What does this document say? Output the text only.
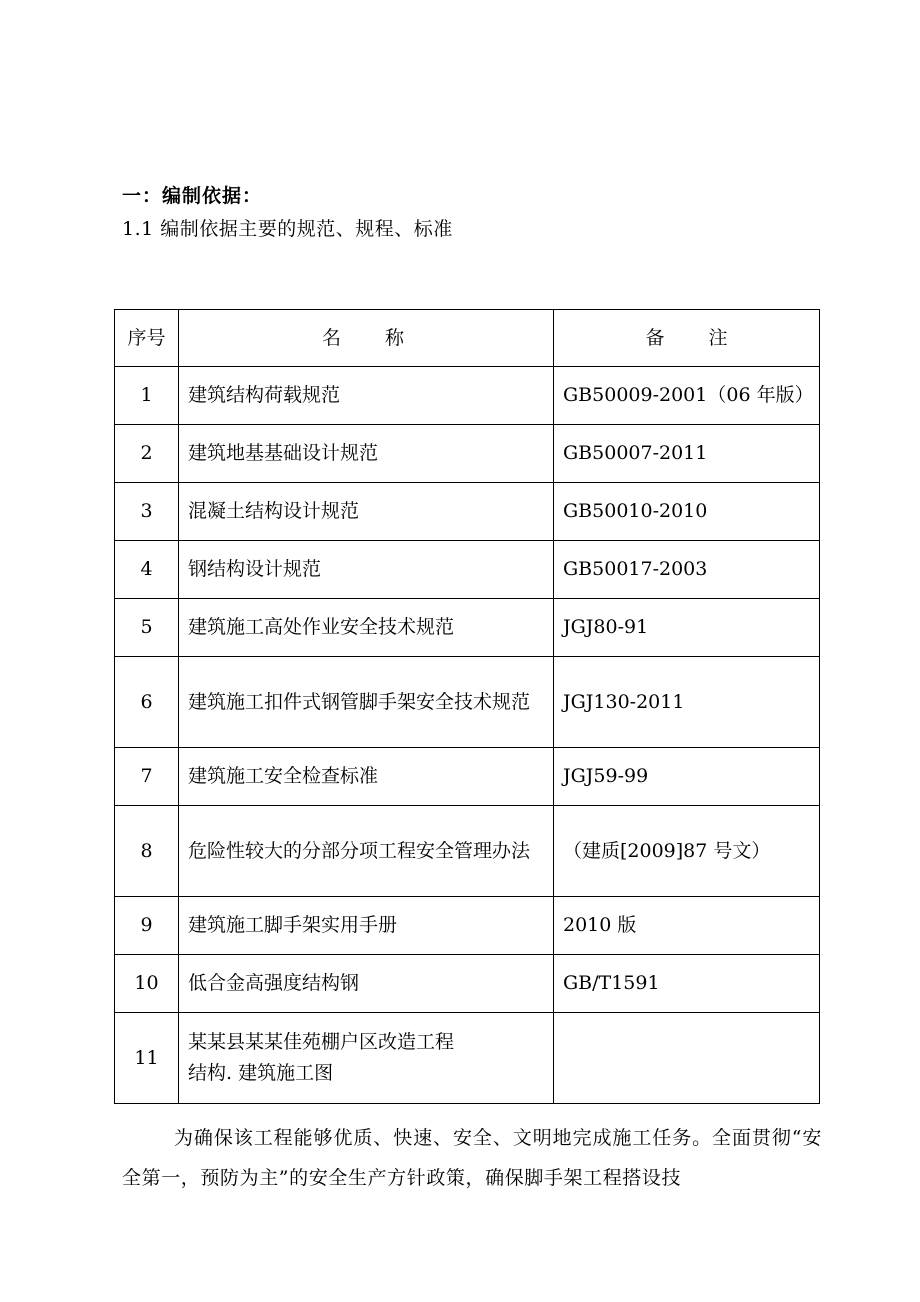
一：编制依据：
1.1 编制依据主要的规范、规程、标准
序号	名称	备注
1	建筑结构荷载规范	GB50009-2001（06 年版）
2	建筑地基基础设计规范	GB50007-2011
3	混凝土结构设计规范	GB50010-2010
4	钢结构设计规范	GB50017-2003
5	建筑施工高处作业安全技术规范	JGJ80-91
6	建筑施工扣件式钢管脚手架安全技术规范	JGJ130-2011
7	建筑施工安全检查标准	JGJ59-99
8	危险性较大的分部分项工程安全管理办法	（建质[2009]87 号文）
9	建筑施工脚手架实用手册	2010 版
10	低合金高强度结构钢	GB/T1591
11	某某县某某佳苑棚户区改造工程
结构. 建筑施工图	

为确保该工程能够优质、快速、安全、文明地完成施工任务。全面贯彻“安全第一，预防为主”的安全生产方针政策，确保脚手架工程搭设技
